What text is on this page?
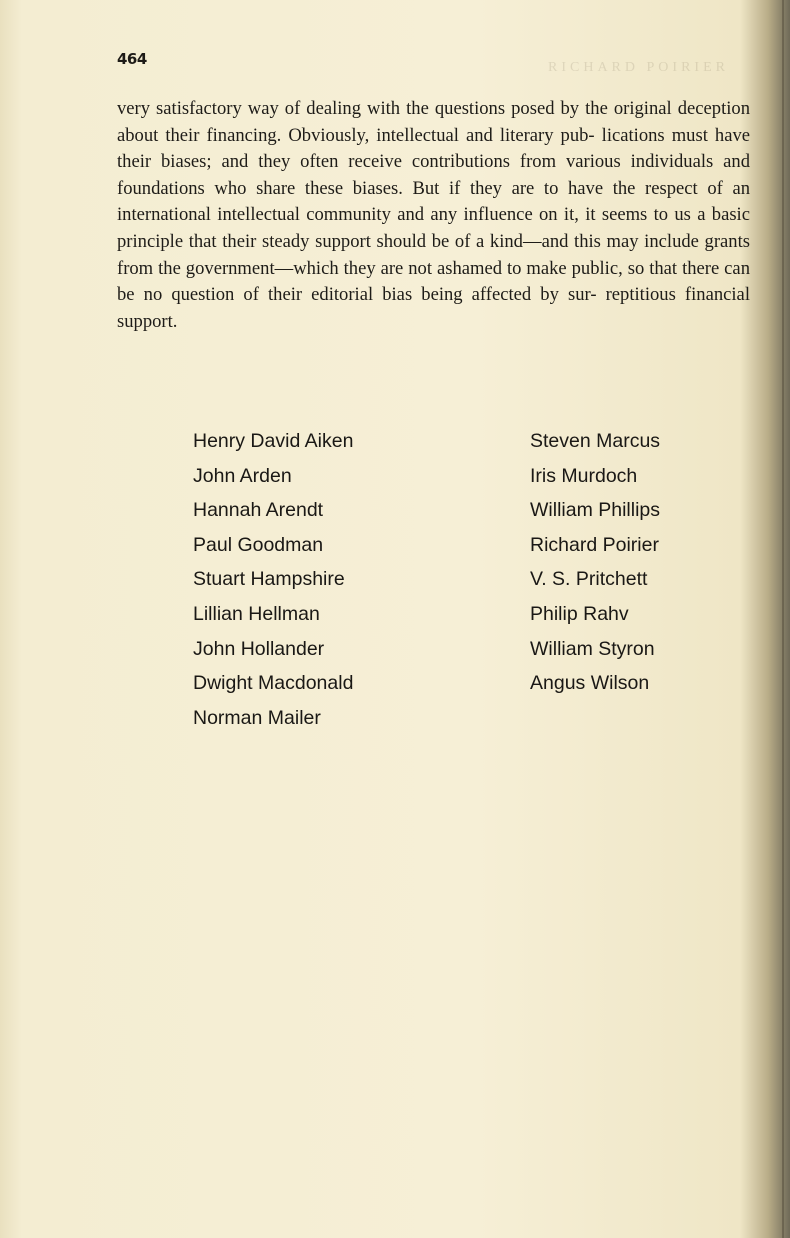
464	RICHARD POIRIER
very satisfactory way of dealing with the questions posed by the original deception about their financing. Obviously, intellectual and literary pub- lications must have their biases; and they often receive contributions from various individuals and foundations who share these biases. But if they are to have the respect of an international intellectual community and any influence on it, it seems to us a basic principle that their steady support should be of a kind—and this may include grants from the government—which they are not ashamed to make public, so that there can be no question of their editorial bias being affected by sur- reptitious financial support.
Henry David Aiken
John Arden
Hannah Arendt
Paul Goodman
Stuart Hampshire
Lillian Hellman
John Hollander
Dwight Macdonald
Norman Mailer
Steven Marcus
Iris Murdoch
William Phillips
Richard Poirier
V. S. Pritchett
Philip Rahv
William Styron
Angus Wilson
